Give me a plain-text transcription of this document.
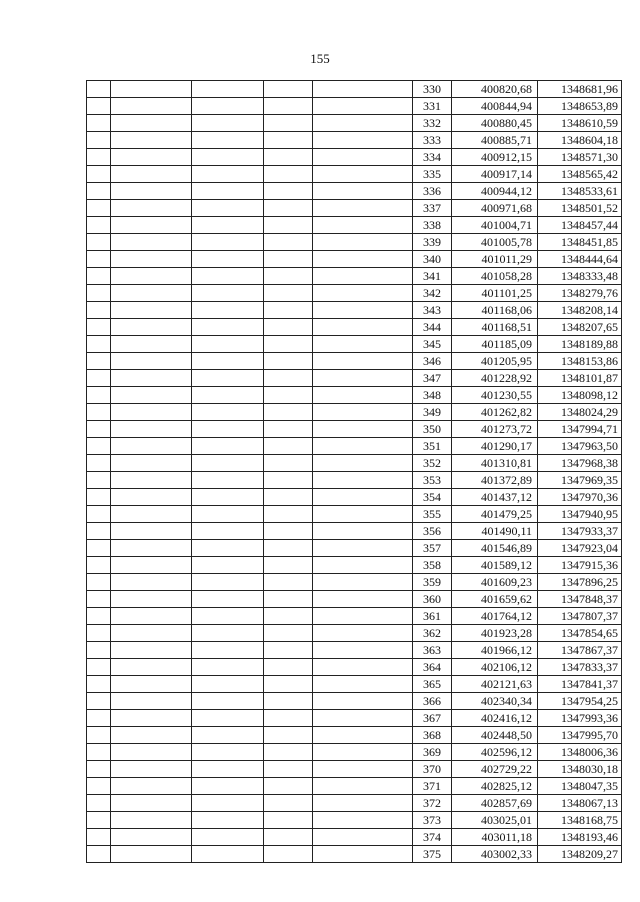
155
					330	400820,68	1348681,96
					331	400844,94	1348653,89
					332	400880,45	1348610,59
					333	400885,71	1348604,18
					334	400912,15	1348571,30
					335	400917,14	1348565,42
					336	400944,12	1348533,61
					337	400971,68	1348501,52
					338	401004,71	1348457,44
					339	401005,78	1348451,85
					340	401011,29	1348444,64
					341	401058,28	1348333,48
					342	401101,25	1348279,76
					343	401168,06	1348208,14
					344	401168,51	1348207,65
					345	401185,09	1348189,88
					346	401205,95	1348153,86
					347	401228,92	1348101,87
					348	401230,55	1348098,12
					349	401262,82	1348024,29
					350	401273,72	1347994,71
					351	401290,17	1347963,50
					352	401310,81	1347968,38
					353	401372,89	1347969,35
					354	401437,12	1347970,36
					355	401479,25	1347940,95
					356	401490,11	1347933,37
					357	401546,89	1347923,04
					358	401589,12	1347915,36
					359	401609,23	1347896,25
					360	401659,62	1347848,37
					361	401764,12	1347807,37
					362	401923,28	1347854,65
					363	401966,12	1347867,37
					364	402106,12	1347833,37
					365	402121,63	1347841,37
					366	402340,34	1347954,25
					367	402416,12	1347993,36
					368	402448,50	1347995,70
					369	402596,12	1348006,36
					370	402729,22	1348030,18
					371	402825,12	1348047,35
					372	402857,69	1348067,13
					373	403025,01	1348168,75
					374	403011,18	1348193,46
					375	403002,33	1348209,27
